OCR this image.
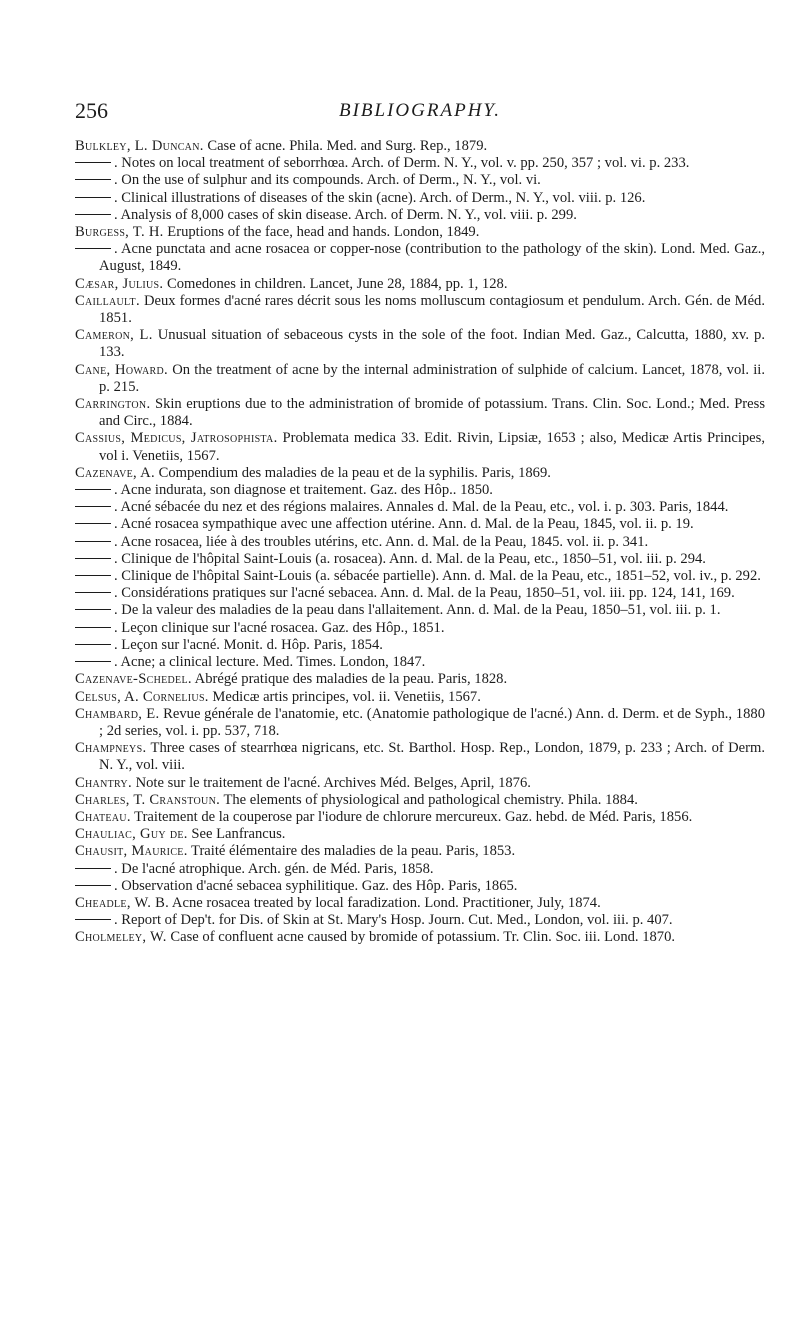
256	BIBLIOGRAPHY.

Bulkley, L. Duncan. Case of acne. Phila. Med. and Surg. Rep., 1879.

. Notes on local treatment of seborrhœa. Arch. of Derm. N. Y., vol. v. pp. 250, 357 ; vol. vi. p. 233.

. On the use of sulphur and its compounds. Arch. of Derm., N. Y., vol. vi.

. Clinical illustrations of diseases of the skin (acne). Arch. of Derm., N. Y., vol. viii. p. 126.

. Analysis of 8,000 cases of skin disease. Arch. of Derm. N. Y., vol. viii. p. 299.

Burgess, T. H. Eruptions of the face, head and hands. London, 1849.

. Acne punctata and acne rosacea or copper-nose (contribution to the pathology of the skin). Lond. Med. Gaz., August, 1849.

Cæsar, Julius. Comedones in children. Lancet, June 28, 1884, pp. 1, 128.

Caillault. Deux formes d'acné rares décrit sous les noms molluscum contagiosum et pendulum. Arch. Gén. de Méd. 1851.

Cameron, L. Unusual situation of sebaceous cysts in the sole of the foot. Indian Med. Gaz., Calcutta, 1880, xv. p. 133.

Cane, Howard. On the treatment of acne by the internal administration of sulphide of calcium. Lancet, 1878, vol. ii. p. 215.

Carrington. Skin eruptions due to the administration of bromide of potassium. Trans. Clin. Soc. Lond.; Med. Press and Circ., 1884.

Cassius, Medicus, Jatrosophista. Problemata medica 33. Edit. Rivin, Lipsiæ, 1653 ; also, Medicæ Artis Principes, vol i. Venetiis, 1567.

Cazenave, A. Compendium des maladies de la peau et de la syphilis. Paris, 1869.

. Acne indurata, son diagnose et traitement. Gaz. des Hôp.. 1850.

. Acné sébacée du nez et des régions malaires. Annales d. Mal. de la Peau, etc., vol. i. p. 303. Paris, 1844.

. Acné rosacea sympathique avec une affection utérine. Ann. d. Mal. de la Peau, 1845, vol. ii. p. 19.

. Acne rosacea, liée à des troubles utérins, etc. Ann. d. Mal. de la Peau, 1845. vol. ii. p. 341.

. Clinique de l'hôpital Saint-Louis (a. rosacea). Ann. d. Mal. de la Peau, etc., 1850–51, vol. iii. p. 294.

. Clinique de l'hôpital Saint-Louis (a. sébacée partielle). Ann. d. Mal. de la Peau, etc., 1851–52, vol. iv., p. 292.

. Considérations pratiques sur l'acné sebacea. Ann. d. Mal. de la Peau, 1850–51, vol. iii. pp. 124, 141, 169.

. De la valeur des maladies de la peau dans l'allaitement. Ann. d. Mal. de la Peau, 1850–51, vol. iii. p. 1.

. Leçon clinique sur l'acné rosacea. Gaz. des Hôp., 1851.

. Leçon sur l'acné. Monit. d. Hôp. Paris, 1854.

. Acne; a clinical lecture. Med. Times. London, 1847.

Cazenave-Schedel. Abrégé pratique des maladies de la peau. Paris, 1828.

Celsus, A. Cornelius. Medicæ artis principes, vol. ii. Venetiis, 1567.

Chambard, E. Revue générale de l'anatomie, etc. (Anatomie pathologique de l'acné.) Ann. d. Derm. et de Syph., 1880 ; 2d series, vol. i. pp. 537, 718.

Champneys. Three cases of stearrhœa nigricans, etc. St. Barthol. Hosp. Rep., London, 1879, p. 233 ; Arch. of Derm. N. Y., vol. viii.

Chantry. Note sur le traitement de l'acné. Archives Méd. Belges, April, 1876.

Charles, T. Cranstoun. The elements of physiological and pathological chemistry. Phila. 1884.

Chateau. Traitement de la couperose par l'iodure de chlorure mercureux. Gaz. hebd. de Méd. Paris, 1856.

Chauliac, Guy de. See Lanfrancus.

Chausit, Maurice. Traité élémentaire des maladies de la peau. Paris, 1853.

. De l'acné atrophique. Arch. gén. de Méd. Paris, 1858.

. Observation d'acné sebacea syphilitique. Gaz. des Hôp. Paris, 1865.

Cheadle, W. B. Acne rosacea treated by local faradization. Lond. Practitioner, July, 1874.

. Report of Dep't. for Dis. of Skin at St. Mary's Hosp. Journ. Cut. Med., London, vol. iii. p. 407.

Cholmeley, W. Case of confluent acne caused by bromide of potassium. Tr. Clin. Soc. iii. Lond. 1870.
